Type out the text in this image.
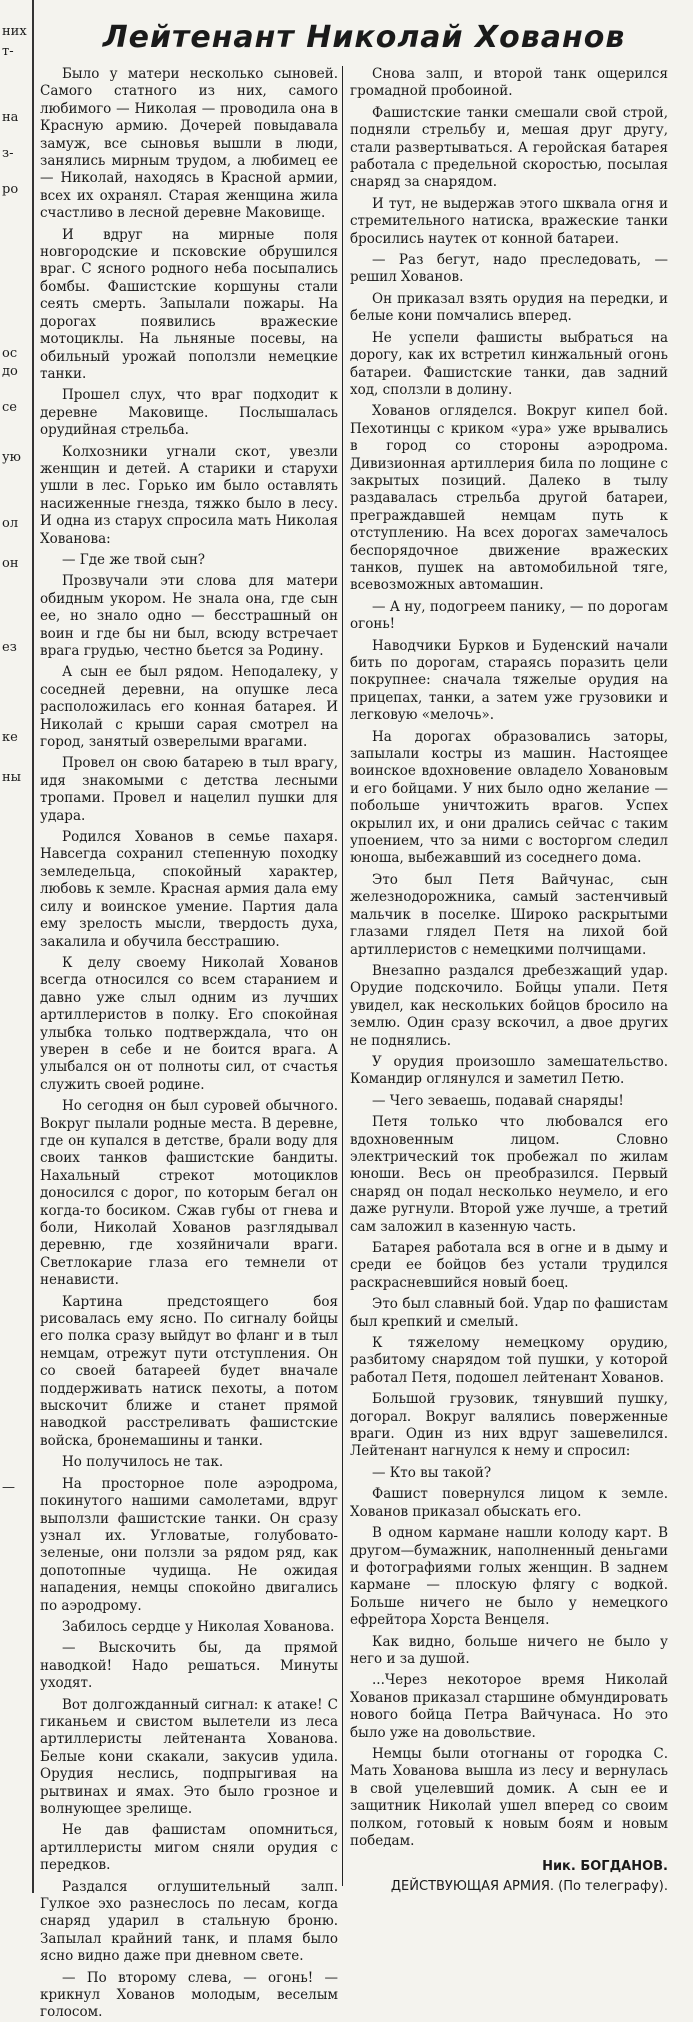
них
т-
на
з-
ро
ос
до
се
ую
ол
он
ез
ке
ны
—
Лейтенант Николай Хованов

Было у матери несколько сыновей. Самого статного из них, самого любимого — Николая — проводила она в Красную армию. Дочерей повыдавала замуж, все сыновья вышли в люди, занялись мирным трудом, а любимец ее — Николай, находясь в Красной армии, всех их охранял. Старая женщина жила счастливо в лесной деревне Маковище.

И вдруг на мирные поля новгородские и псковские обрушился враг. С ясного родного неба посыпались бомбы. Фашистские коршуны стали сеять смерть. Запылали пожары. На дорогах появились вражеские мотоциклы. На льняные посевы, на обильный урожай поползли немецкие танки.

Прошел слух, что враг подходит к деревне Маковище. Послышалась орудийная стрельба.

Колхозники угнали скот, увезли женщин и детей. А старики и старухи ушли в лес. Горько им было оставлять насиженные гнезда, тяжко было в лесу. И одна из старух спросила мать Николая Хованова:

— Где же твой сын?

Прозвучали эти слова для матери обидным укором. Не знала она, где сын ее, но знало одно — бесстрашный он воин и где бы ни был, всюду встречает врага грудью, честно бьется за Родину.

А сын ее был рядом. Неподалеку, у соседней деревни, на опушке леса расположилась его конная батарея. И Николай с крыши сарая смотрел на город, занятый озверелыми врагами.

Провел он свою батарею в тыл врагу, идя знакомыми с детства лесными тропами. Провел и нацелил пушки для удара.

Родился Хованов в семье пахаря. Навсегда сохранил степенную походку земледельца, спокойный характер, любовь к земле. Красная армия дала ему силу и воинское умение. Партия дала ему зрелость мысли, твердость духа, закалила и обучила бесстрашию.

К делу своему Николай Хованов всегда относился со всем старанием и давно уже слыл одним из лучших артиллеристов в полку. Его спокойная улыбка только подтверждала, что он уверен в себе и не боится врага. А улыбался он от полноты сил, от счастья служить своей родине.

Но сегодня он был суровей обычного. Вокруг пылали родные места. В деревне, где он купался в детстве, брали воду для своих танков фашистские бандиты. Нахальный стрекот мотоциклов доносился с дорог, по которым бегал он когда-то босиком. Сжав губы от гнева и боли, Николай Хованов разглядывал деревню, где хозяйничали враги. Светлокарие глаза его темнели от ненависти.

Картина предстоящего боя рисовалась ему ясно. По сигналу бойцы его полка сразу выйдут во фланг и в тыл немцам, отрежут пути отступления. Он со своей батареей будет вначале поддерживать натиск пехоты, а потом выскочит ближе и станет прямой наводкой расстреливать фашистские войска, бронемашины и танки.

Но получилось не так.

На просторное поле аэродрома, покинутого нашими самолетами, вдруг выползли фашистские танки. Он сразу узнал их. Угловатые, голубовато-зеленые, они ползли за рядом ряд, как допотопные чудища. Не ожидая нападения, немцы спокойно двигались по аэродрому.

Забилось сердце у Николая Хованова.

— Выскочить бы, да прямой наводкой! Надо решаться. Минуты уходят.

Вот долгожданный сигнал: к атаке! С гиканьем и свистом вылетели из леса артиллеристы лейтенанта Хованова. Белые кони скакали, закусив удила. Орудия неслись, подпрыгивая на рытвинах и ямах. Это было грозное и волнующее зрелище.

Не дав фашистам опомниться, артиллеристы мигом сняли орудия с передков.

Раздался оглушительный залп. Гулкое эхо разнеслось по лесам, когда снаряд ударил в стальную броню. Запылал крайний танк, и пламя было ясно видно даже при дневном свете.

— По второму слева, — огонь! — крикнул Хованов молодым, веселым голосом.

Снова залп, и второй танк ощерился громадной пробоиной.

Фашистские танки смешали свой строй, подняли стрельбу и, мешая друг другу, стали развертываться. А геройская батарея работала с предельной скоростью, посылая снаряд за снарядом.

И тут, не выдержав этого шквала огня и стремительного натиска, вражеские танки бросились наутек от конной батареи.

— Раз бегут, надо преследовать, — решил Хованов.

Он приказал взять орудия на передки, и белые кони помчались вперед.

Не успели фашисты выбраться на дорогу, как их встретил кинжальный огонь батареи. Фашистские танки, дав задний ход, сползли в долину.

Хованов огляделся. Вокруг кипел бой. Пехотинцы с криком «ура» уже врывались в город со стороны аэродрома. Дивизионная артиллерия била по лощине с закрытых позиций. Далеко в тылу раздавалась стрельба другой батареи, преграждавшей немцам путь к отступлению. На всех дорогах замечалось беспорядочное движение вражеских танков, пушек на автомобильной тяге, всевозможных автомашин.

— А ну, подогреем панику, — по дорогам огонь!

Наводчики Бурков и Буденский начали бить по дорогам, стараясь поразить цели покрупнее: сначала тяжелые орудия на прицепах, танки, а затем уже грузовики и легковую «мелочь».

На дорогах образовались заторы, запылали костры из машин. Настоящее воинское вдохновение овладело Ховановым и его бойцами. У них было одно желание — побольше уничтожить врагов. Успех окрылил их, и они дрались сейчас с таким упоением, что за ними с восторгом следил юноша, выбежавший из соседнего дома.

Это был Петя Вайчунас, сын железнодорожника, самый застенчивый мальчик в поселке. Широко раскрытыми глазами глядел Петя на лихой бой артиллеристов с немецкими полчищами.

Внезапно раздался дребезжащий удар. Орудие подскочило. Бойцы упали. Петя увидел, как нескольких бойцов бросило на землю. Один сразу вскочил, а двое других не поднялись.

У орудия произошло замешательство. Командир оглянулся и заметил Петю.

— Чего зеваешь, подавай снаряды!

Петя только что любовался его вдохновенным лицом. Словно электрический ток пробежал по жилам юноши. Весь он преобразился. Первый снаряд он подал несколько неумело, и его даже ругнули. Второй уже лучше, а третий сам заложил в казенную часть.

Батарея работала вся в огне и в дыму и среди ее бойцов без устали трудился раскрасневшийся новый боец.

Это был славный бой. Удар по фашистам был крепкий и смелый.

К тяжелому немецкому орудию, разбитому снарядом той пушки, у которой работал Петя, подошел лейтенант Хованов.

Большой грузовик, тянувший пушку, догорал. Вокруг валялись поверженные враги. Один из них вдруг зашевелился. Лейтенант нагнулся к нему и спросил:

— Кто вы такой?

Фашист повернулся лицом к земле. Хованов приказал обыскать его.

В одном кармане нашли колоду карт. В другом—бумажник, наполненный деньгами и фотографиями голых женщин. В заднем кармане — плоскую флягу с водкой. Больше ничего не было у немецкого ефрейтора Хорста Венцеля.

Как видно, больше ничего не было у него и за душой.

...Через некоторое время Николай Хованов приказал старшине обмундировать нового бойца Петра Вайчунаса. Но это было уже на довольствие.

Немцы были отогнаны от городка С. Мать Хованова вышла из лесу и вернулась в свой уцелевший домик. А сын ее и защитник Николай ушел вперед со своим полком, готовый к новым боям и новым победам.

Ник. БОГДАНОВ.
ДЕЙСТВУЮЩАЯ АРМИЯ. (По телеграфу).
